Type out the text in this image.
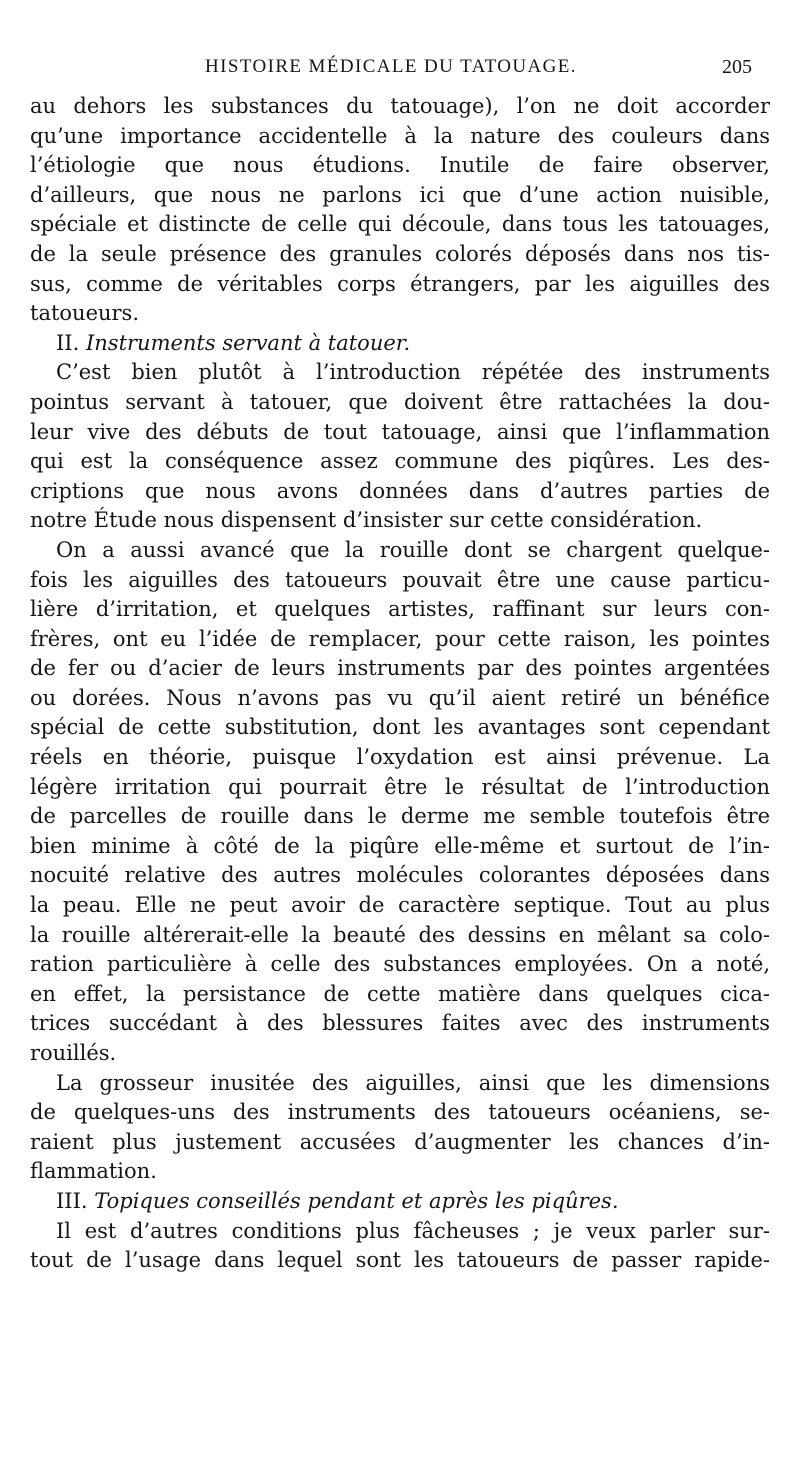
HISTOIRE MÉDICALE DU TATOUAGE.	205
au dehors les substances du tatouage), l’on ne doit accorder
qu’une importance accidentelle à la nature des couleurs dans
l’étiologie que nous étudions. Inutile de faire observer,
d’ailleurs, que nous ne parlons ici que d’une action nuisible,
spéciale et distincte de celle qui découle, dans tous les tatouages,
de la seule présence des granules colorés déposés dans nos tis-
sus, comme de véritables corps étrangers, par les aiguilles des
tatoueurs.
II. Instruments servant à tatouer.
C’est bien plutôt à l’introduction répétée des instruments
pointus servant à tatouer, que doivent être rattachées la dou-
leur vive des débuts de tout tatouage, ainsi que l’inflammation
qui est la conséquence assez commune des piqûres. Les des-
criptions que nous avons données dans d’autres parties de
notre Étude nous dispensent d’insister sur cette considération.
On a aussi avancé que la rouille dont se chargent quelque-
fois les aiguilles des tatoueurs pouvait être une cause particu-
lière d’irritation, et quelques artistes, raffinant sur leurs con-
frères, ont eu l’idée de remplacer, pour cette raison, les pointes
de fer ou d’acier de leurs instruments par des pointes argentées
ou dorées. Nous n’avons pas vu qu’il aient retiré un bénéfice
spécial de cette substitution, dont les avantages sont cependant
réels en théorie, puisque l’oxydation est ainsi prévenue. La
légère irritation qui pourrait être le résultat de l’introduction
de parcelles de rouille dans le derme me semble toutefois être
bien minime à côté de la piqûre elle-même et surtout de l’in-
nocuité relative des autres molécules colorantes déposées dans
la peau. Elle ne peut avoir de caractère septique. Tout au plus
la rouille altérerait-elle la beauté des dessins en mêlant sa colo-
ration particulière à celle des substances employées. On a noté,
en effet, la persistance de cette matière dans quelques cica-
trices succédant à des blessures faites avec des instruments
rouillés.
La grosseur inusitée des aiguilles, ainsi que les dimensions
de quelques-uns des instruments des tatoueurs océaniens, se-
raient plus justement accusées d’augmenter les chances d’in-
flammation.
III. Topiques conseillés pendant et après les piqûres.
Il est d’autres conditions plus fâcheuses ; je veux parler sur-
tout de l’usage dans lequel sont les tatoueurs de passer rapide-
